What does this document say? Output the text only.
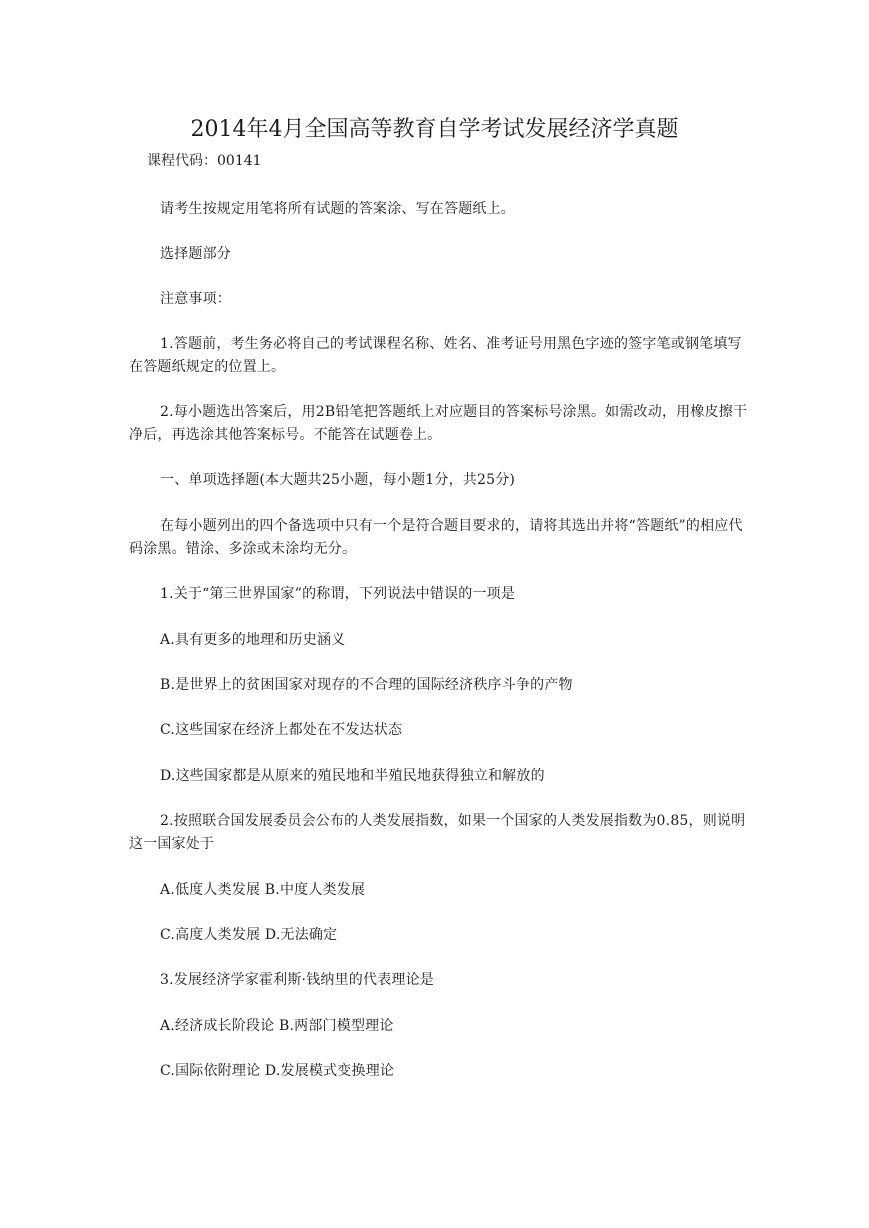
2014年4月全国高等教育自学考试发展经济学真题
课程代码：00141

请考生按规定用笔将所有试题的答案涂、写在答题纸上。

选择题部分

注意事项：

1.答题前，考生务必将自己的考试课程名称、姓名、准考证号用黑色字迹的签字笔或钢笔填写在答题纸规定的位置上。

2.每小题选出答案后，用2B铅笔把答题纸上对应题目的答案标号涂黑。如需改动，用橡皮擦干净后，再选涂其他答案标号。不能答在试题卷上。

一、单项选择题(本大题共25小题，每小题1分，共25分)

在每小题列出的四个备选项中只有一个是符合题目要求的，请将其选出并将“答题纸”的相应代码涂黑。错涂、多涂或未涂均无分。

1.关于“第三世界国家”的称谓，下列说法中错误的一项是

A.具有更多的地理和历史涵义

B.是世界上的贫困国家对现存的不合理的国际经济秩序斗争的产物

C.这些国家在经济上都处在不发达状态

D.这些国家都是从原来的殖民地和半殖民地获得独立和解放的

2.按照联合国发展委员会公布的人类发展指数，如果一个国家的人类发展指数为0.85，则说明这一国家处于

A.低度人类发展 B.中度人类发展

C.高度人类发展 D.无法确定

3.发展经济学家霍利斯·钱纳里的代表理论是

A.经济成长阶段论 B.两部门模型理论

C.国际依附理论 D.发展模式变换理论
